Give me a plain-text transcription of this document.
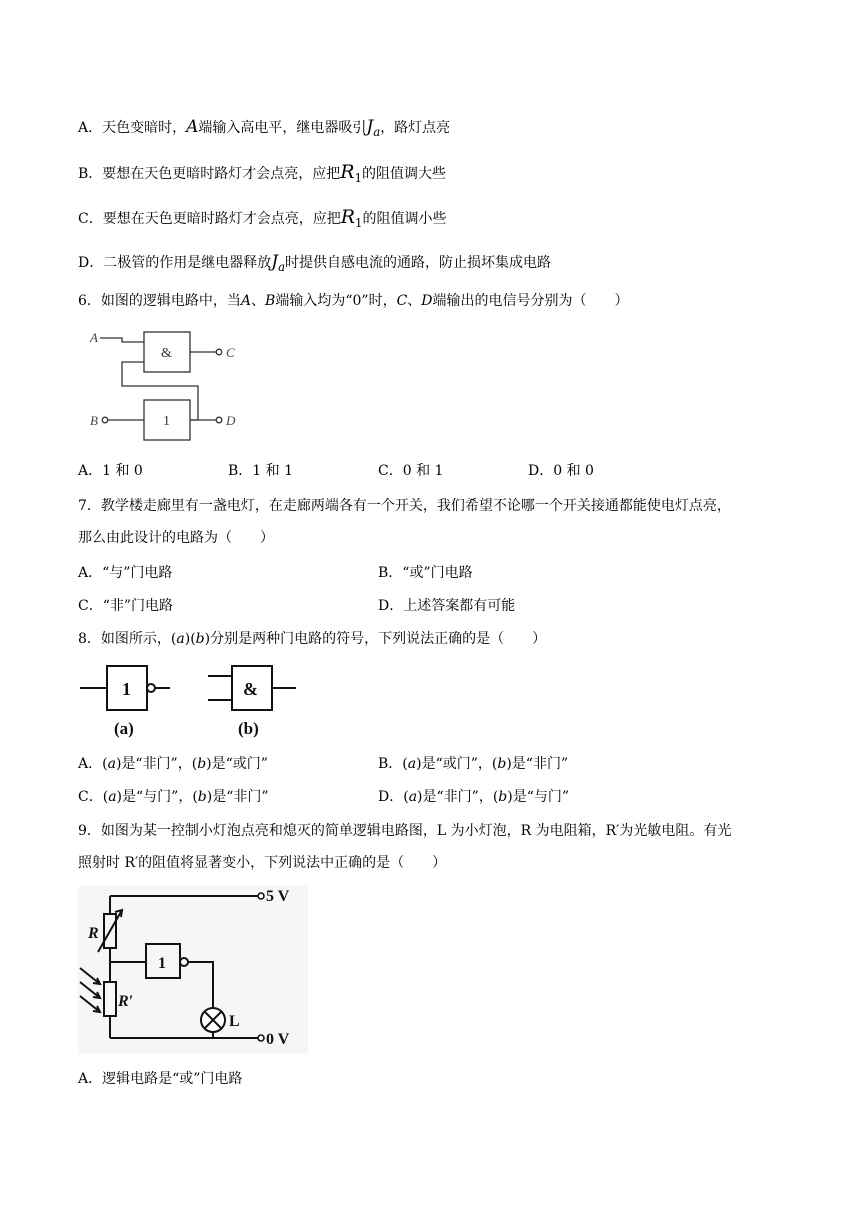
A．天色变暗时，A端输入高电平，继电器吸引$J_a$，路灯点亮
B．要想在天色更暗时路灯才会点亮，应把$R_1$的阻值调大些
C．要想在天色更暗时路灯才会点亮，应把$R_1$的阻值调小些
D．二极管的作用是继电器释放$J_a$时提供自感电流的通路，防止损坏集成电路
6．如图的逻辑电路中，当A、B端输入均为“0”时，C、D端输出的电信号分别为（　　）
A
B
C
D
&
1
A．1 和 0	B．1 和 1	C．0 和 1	D．0 和 0
7．教学楼走廊里有一盏电灯，在走廊两端各有一个开关，我们希望不论哪一个开关接通都能使电灯点亮，
那么由此设计的电路为（　　）
A．“与”门电路	B．“或”门电路
C．“非”门电路	D．上述答案都有可能
8．如图所示，(a)(b)分别是两种门电路的符号，下列说法正确的是（　　）
1	&
(a)	(b)
A．(a)是“非门”，(b)是“或门”	B．(a)是“或门”，(b)是“非门”
C．(a)是“与门”，(b)是“非门”	D．(a)是“非门”，(b)是“与门”
9．如图为某一控制小灯泡点亮和熄灭的简单逻辑电路图，L 为小灯泡，R 为电阻箱，R′为光敏电阻。有光
照射时 R′的阻值将显著变小，下列说法中正确的是（　　）
5 V
0 V
R
R′
1
L
A．逻辑电路是“或”门电路
